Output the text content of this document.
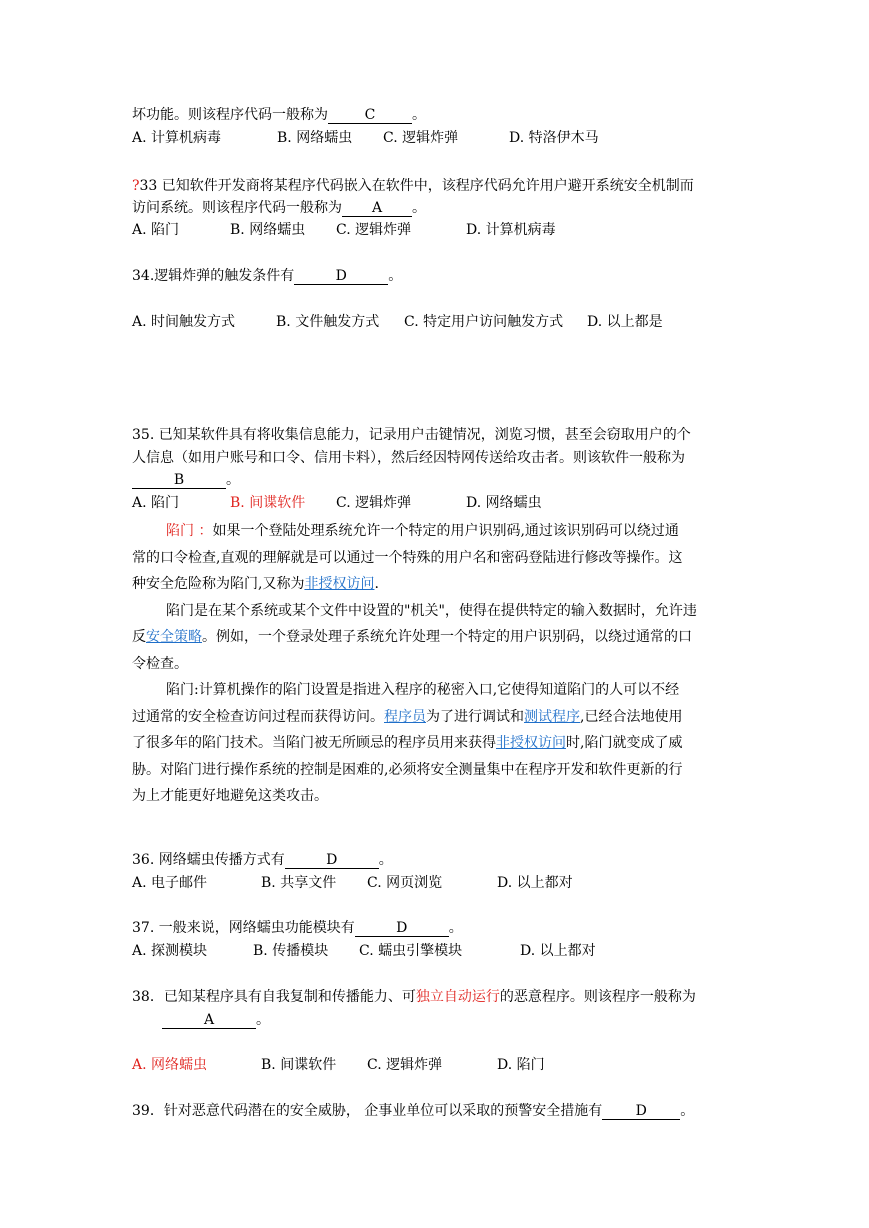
坏功能。则该程序代码一般称为	C	。
A. 计算机病毒	B. 网络蠕虫 C. 逻辑炸弹	D. 特洛伊木马
?33 已知软件开发商将某程序代码嵌入在软件中，该程序代码允许用户避开系统安全机制而
访问系统。则该程序代码一般称为 A 。
A. 陷门	B. 网络蠕虫 C. 逻辑炸弹	D. 计算机病毒
34.逻辑炸弹的触发条件有	D	。
A. 时间触发方式	B. 文件触发方式 C. 特定用户访问触发方式 D. 以上都是
35. 已知某软件具有将收集信息能力，记录用户击键情况，浏览习惯，甚至会窃取用户的个
人信息（如用户账号和口令、信用卡料），然后经因特网传送给攻击者。则该软件一般称为
B	。
A. 陷门	B. 间谍软件 C. 逻辑炸弹	D. 网络蠕虫
陷门 ：如果一个登陆处理系统允许一个特定的用户识别码,通过该识别码可以绕过通
常的口令检查,直观的理解就是可以通过一个特殊的用户名和密码登陆进行修改等操作。这
种安全危险称为陷门,又称为非授权访问.
陷门是在某个系统或某个文件中设置的"机关"，使得在提供特定的输入数据时，允许违
反安全策略。例如，一个登录处理子系统允许处理一个特定的用户识别码，以绕过通常的口
令检查。
陷门:计算机操作的陷门设置是指进入程序的秘密入口,它使得知道陷门的人可以不经
过通常的安全检查访问过程而获得访问。程序员为了进行调试和测试程序,已经合法地使用
了很多年的陷门技术。当陷门被无所顾忌的程序员用来获得非授权访问时,陷门就变成了威
胁。对陷门进行操作系统的控制是困难的,必须将安全测量集中在程序开发和软件更新的行
为上才能更好地避免这类攻击。
36. 网络蠕虫传播方式有	D	。
A. 电子邮件	B. 共享文件 C. 网页浏览	D. 以上都对
37. 一般来说，网络蠕虫功能模块有	D	。
A. 探测模块	B. 传播模块 C. 蠕虫引擎模块	D. 以上都对
38．已知某程序具有自我复制和传播能力、可独立自动运行的恶意程序。则该程序一般称为
A	。
A. 网络蠕虫	B. 间谍软件 C. 逻辑炸弹	D. 陷门
39．针对恶意代码潜在的安全威胁， 企事业单位可以采取的预警安全措施有 D 。
